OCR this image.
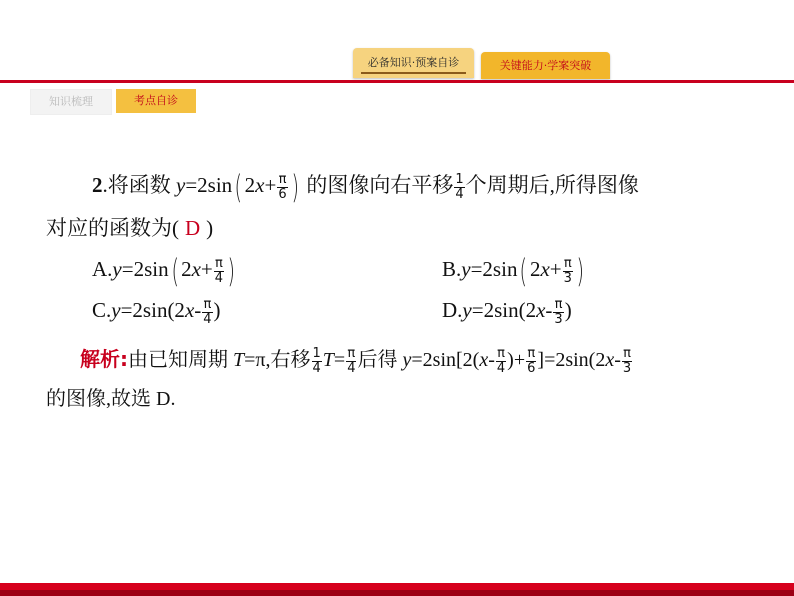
必备知识·预案自诊	关键能力·学案突破
知识梳理	考点自诊
2.将函数 y=2sin( $2x+ \frac{\pi}{6}$ ) 的图像向右平移 $\frac{1}{4}$ 个周期后,所得图像
对应的函数为( D )
A.y=2sin( $2x+ \frac{\pi}{4}$ )	B.y=2sin( $2x+ \frac{\pi}{3}$ )
$C.y=2\sin(2x- \frac{\pi}{4}$ )	$D.y=2\sin(2x- \frac{\pi}{3}$ )
解析:由已知周期 T=π,右移 $\frac{1}{4} T= \frac{\pi}{4}$ 后得 $y=2\sin[2(x- \frac{\pi}{4}$ )+ $\frac{\pi}{6} ]=2\sin(2x- \frac{\pi}{3}$
的图像,故选 D.
